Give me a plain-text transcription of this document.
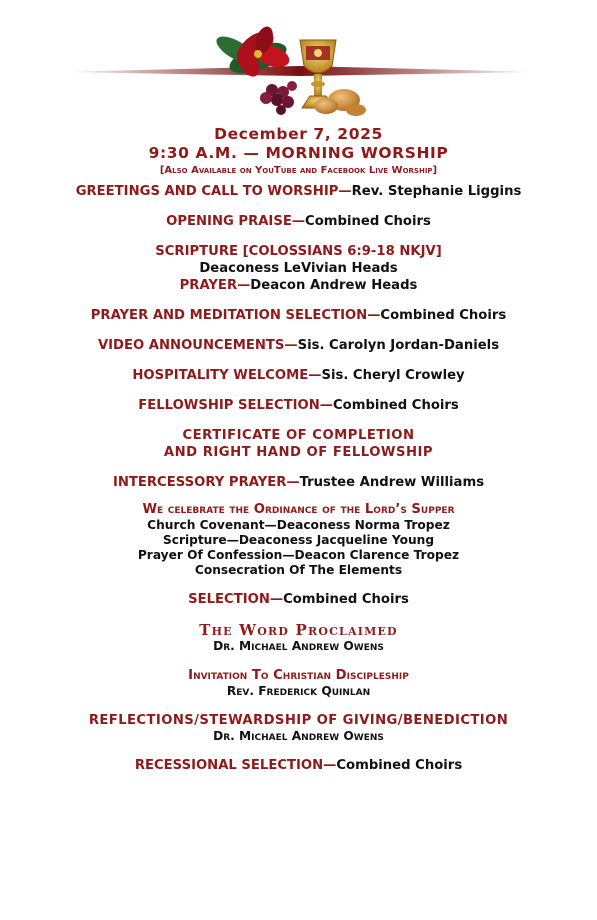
December 7, 2025
9:30 A.M. — MORNING WORSHIP
[Also Available on YouTube and Facebook Live Worship]
GREETINGS AND CALL TO WORSHIP—Rev. Stephanie Liggins
OPENING PRAISE—Combined Choirs
SCRIPTURE [COLOSSIANS 6:9-18 NKJV]
Deaconess LeVivian Heads
PRAYER—Deacon Andrew Heads
PRAYER AND MEDITATION SELECTION—Combined Choirs
VIDEO ANNOUNCEMENTS—Sis. Carolyn Jordan-Daniels
HOSPITALITY WELCOME—Sis. Cheryl Crowley
FELLOWSHIP SELECTION—Combined Choirs
CERTIFICATE OF COMPLETION
AND RIGHT HAND OF FELLOWSHIP
INTERCESSORY PRAYER—Trustee Andrew Williams
We celebrate the Ordinance of the Lord’s Supper
Church Covenant—Deaconess Norma Tropez
Scripture—Deaconess Jacqueline Young
Prayer Of Confession—Deacon Clarence Tropez
Consecration Of The Elements
SELECTION—Combined Choirs
The Word Proclaimed
Dr. Michael Andrew Owens
Invitation To Christian Discipleship
Rev. Frederick Quinlan
REFLECTIONS/STEWARDSHIP OF GIVING/BENEDICTION
Dr. Michael Andrew Owens
RECESSIONAL SELECTION—Combined Choirs
